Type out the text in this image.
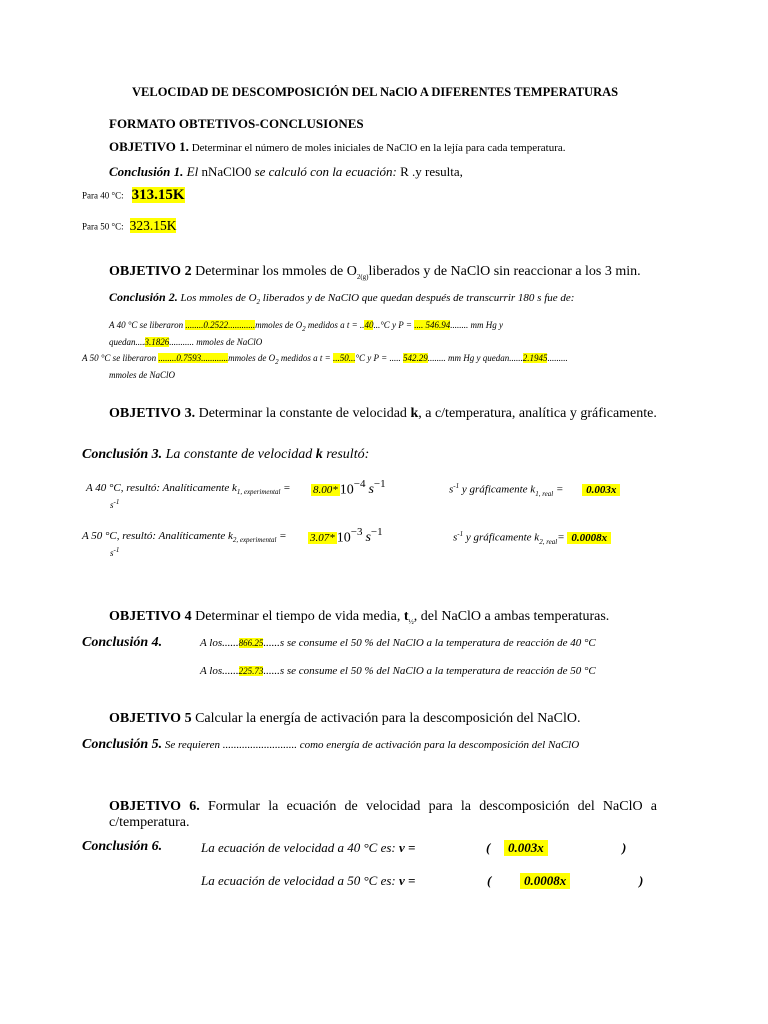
VELOCIDAD DE DESCOMPOSICIÓN DEL NaClO A DIFERENTES TEMPERATURAS
FORMATO OBTETIVOS-CONCLUSIONES
OBJETIVO 1. Determinar el número de moles iniciales de NaClO en la lejía para cada temperatura.
Conclusión 1. El nNaClO0 se calculó con la ecuación: R .y resulta,
Para 40 °C: 313.15K
Para 50 °C: 323.15K
OBJETIVO 2 Determinar los mmoles de $O_{2(g)}liberados$ y de NaClO sin reaccionar a los 3 min.
Conclusión 2. Los mmoles de $O_2$ liberados y de NaClO que quedan después de transcurrir 180 s fue de:
A 40 °C se liberaron ........0.2522............mmoles de $O_2$ medidos a t = ..40...°C y P = .... 546.94........ mm Hg y
quedan....3.1826........... mmoles de NaClO
A 50 °C se liberaron ........0.7593............mmoles de $O_2$ medidos a t = ...50...°C y P = ..... 542.29........ mm Hg y quedan......2.1945.........
mmoles de NaClO
OBJETIVO 3. Determinar la constante de velocidad k, a c/temperatura, analítica y gráficamente.
Conclusión 3. La constante de velocidad k resultó:
A 40 °C, resultó: Analíticamente $k_{1, experimental} = 8.00*$ $10^{-4}$ $s^{-1}$
$s^{-1}$
$s^{-1}$ y gráficamente $k_{1, real} = 0.003x$
A 50 °C, resultó: Analíticamente $k_{2, experimental} = 3.07*$ $10^{-3}$ $s^{-1}$
$s^{-1}$
$s^{-1}$ y gráficamente $k_{2, real}= 0.0008x$
OBJETIVO 4 Determinar el tiempo de vida media, $t_{\frac{1}{2}}$, del NaClO a ambas temperaturas.
Conclusión 4.	A los......866.25......s se consume el 50 % del NaClO a la temperatura de reacción de 40 °C
A los......225.73......s se consume el 50 % del NaClO a la temperatura de reacción de 50 °C
OBJETIVO 5 Calcular la energía de activación para la descomposición del NaClO.
Conclusión 5. Se requieren ........................... como energía de activación para la descomposición del NaClO
OBJETIVO 6. Formular la ecuación de velocidad para la descomposición del NaClO a c/temperatura.
Conclusión 6.	La ecuación de velocidad a 40 °C es: v =	(	0.003x	)
La ecuación de velocidad a 50 °C es: v =	(	0.0008x	)
